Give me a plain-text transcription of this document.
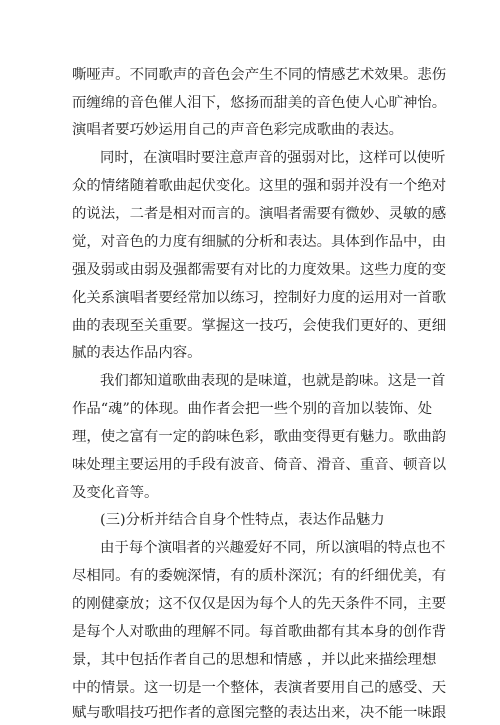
嘶哑声。不同歌声的音色会产生不同的情感艺术效果。悲伤
而缠绵的音色催人泪下，悠扬而甜美的音色使人心旷神怡。
演唱者要巧妙运用自己的声音色彩完成歌曲的表达。
同时，在演唱时要注意声音的强弱对比，这样可以使听
众的情绪随着歌曲起伏变化。这里的强和弱并没有一个绝对
的说法，二者是相对而言的。演唱者需要有微妙、灵敏的感
觉，对音色的力度有细腻的分析和表达。具体到作品中，由
强及弱或由弱及强都需要有对比的力度效果。这些力度的变
化关系演唱者要经常加以练习，控制好力度的运用对一首歌
曲的表现至关重要。掌握这一技巧，会使我们更好的、更细
腻的表达作品内容。
我们都知道歌曲表现的是味道，也就是韵味。这是一首
作品“魂”的体现。曲作者会把一些个别的音加以装饰、处
理，使之富有一定的韵味色彩，歌曲变得更有魅力。歌曲韵
味处理主要运用的手段有波音、倚音、滑音、重音、顿音以
及变化音等。
(三)分析并结合自身个性特点，表达作品魅力
由于每个演唱者的兴趣爱好不同，所以演唱的特点也不
尽相同。有的委婉深情，有的质朴深沉；有的纤细优美，有
的刚健豪放；这不仅仅是因为每个人的先天条件不同，主要
是每个人对歌曲的理解不同。每首歌曲都有其本身的创作背
景，其中包括作者自己的思想和情感 ，并以此来描绘理想
中的情景。这一切是一个整体，表演者要用自己的感受、天
赋与歌唱技巧把作者的意图完整的表达出来，决不能一味跟
